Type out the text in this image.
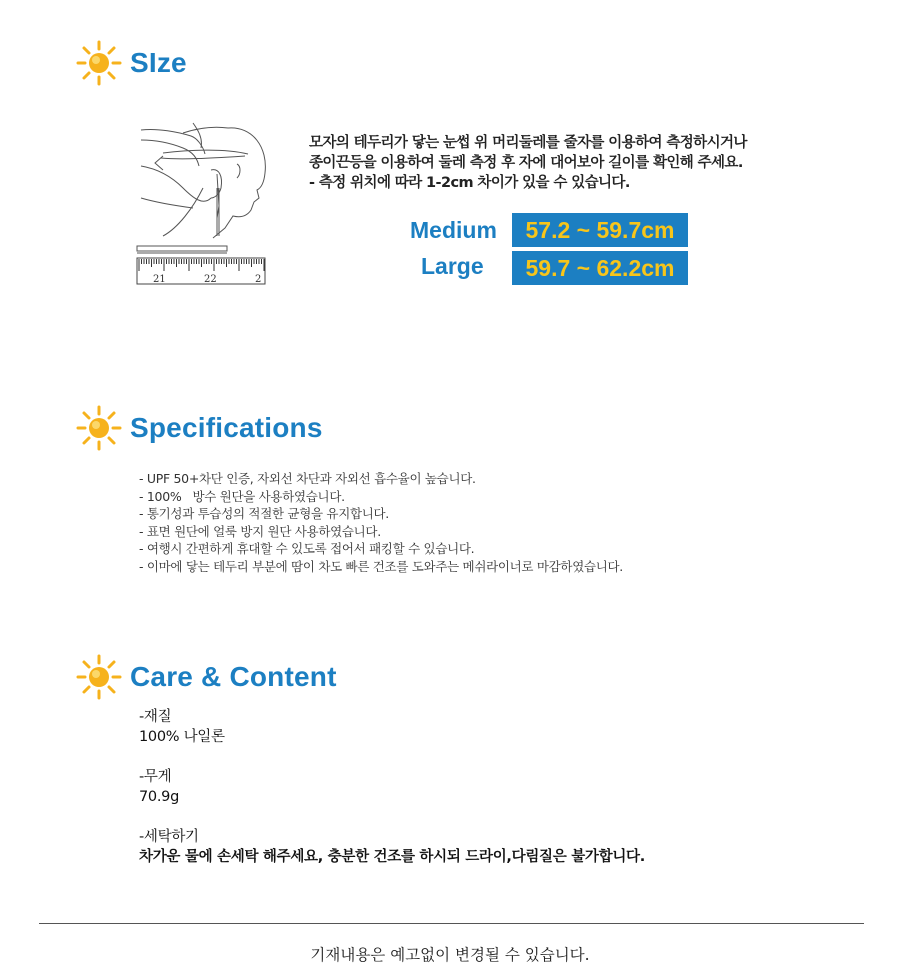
SIze
21	22	2
모자의 테두리가 닿는 눈썹 위 머리둘레를 줄자를 이용하여 측정하시거나
종이끈등을 이용하여 둘레 측정 후 자에 대어보아 길이를 확인해 주세요.
- 측정 위치에 따라 1-2cm 차이가 있을 수 있습니다.
Medium	57.2 ~ 59.7cm
Large	59.7 ~ 62.2cm
Specifications
- UPF 50+차단 인증, 자외선 차단과 자외선 흡수율이 높습니다.
- 100%   방수 원단을 사용하였습니다.
- 통기성과 투습성의 적절한 균형을 유지합니다.
- 표면 원단에 얼룩 방지 원단 사용하였습니다.
- 여행시 간편하게 휴대할 수 있도록 접어서 패킹할 수 있습니다.
- 이마에 닿는 테두리 부분에 땀이 차도 빠른 건조를 도와주는 메쉬라이너로 마감하였습니다.
Care & Content
-재질
100% 나일론
-무게
70.9g
-세탁하기
차가운 물에 손세탁 해주세요, 충분한 건조를 하시되 드라이,다림질은 불가합니다.
기재내용은 예고없이 변경될 수 있습니다.
